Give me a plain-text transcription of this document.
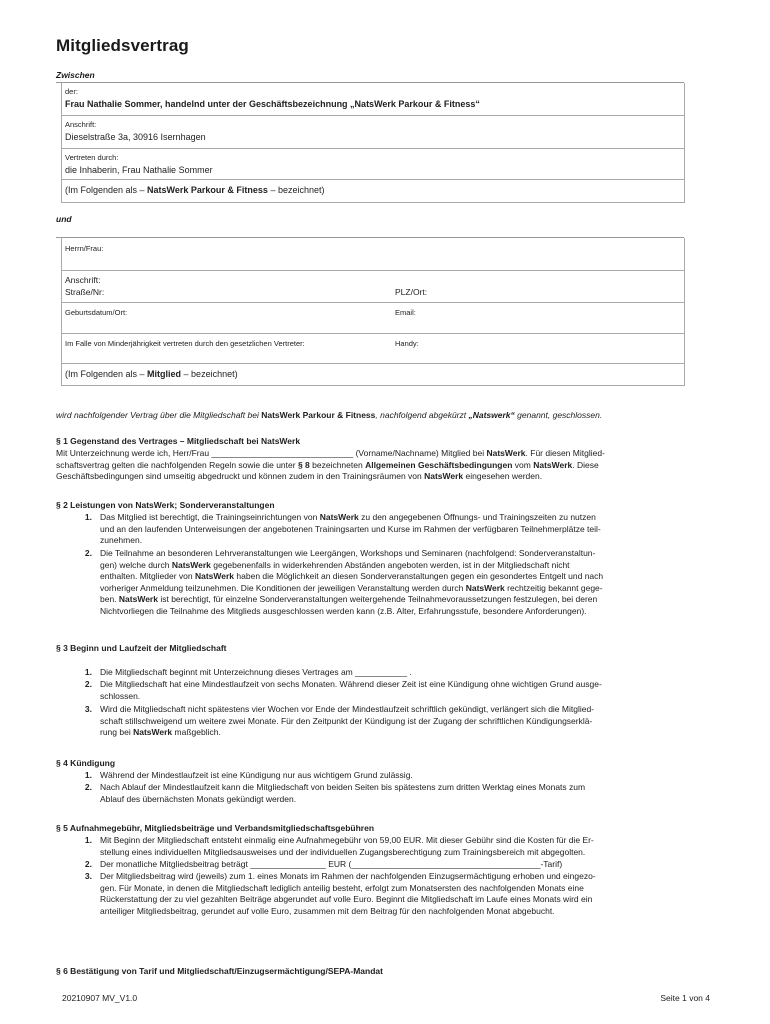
Mitgliedsvertrag
Zwischen
der:
Frau Nathalie Sommer, handelnd unter der Geschäftsbezeichnung „NatsWerk Parkour & Fitness“
Anschrift:
Dieselstraße 3a, 30916 Isernhagen
Vertreten durch:
die Inhaberin, Frau Nathalie Sommer
(Im Folgenden als – NatsWerk Parkour & Fitness – bezeichnet)
und
Herrn/Frau:
Anschrift:
Straße/Nr:	PLZ/Ort:
Geburtsdatum/Ort:	Email:
Im Falle von Minderjährigkeit vertreten durch den gesetzlichen Vertreter:	Handy:
(Im Folgenden als – Mitglied – bezeichnet)
wird nachfolgender Vertrag über die Mitgliedschaft bei NatsWerk Parkour & Fitness, nachfolgend abgekürzt „Natswerk“ genannt, geschlossen.
§ 1 Gegenstand des Vertrages – Mitgliedschaft bei NatsWerk
Mit Unterzeichnung werde ich, Herr/Frau ______________________________ (Vorname/Nachname) Mitglied bei NatsWerk. Für diesen Mitglied-
schaftsvertrag gelten die nachfolgenden Regeln sowie die unter § 8 bezeichneten Allgemeinen Geschäftsbedingungen vom NatsWerk. Diese
Geschäftsbedingungen sind umseitig abgedruckt und können zudem in den Trainingsräumen von NatsWerk eingesehen werden.
§ 2 Leistungen von NatsWerk; Sonderveranstaltungen
1. Das Mitglied ist berechtigt, die Trainingseinrichtungen von NatsWerk zu den angegebenen Öffnungs- und Trainingszeiten zu nutzen
und an den laufenden Unterweisungen der angebotenen Trainingsarten und Kurse im Rahmen der verfügbaren Teilnehmerplätze teil-
zunehmen.
2. Die Teilnahme an besonderen Lehrveranstaltungen wie Leergängen, Workshops und Seminaren (nachfolgend: Sonderveranstaltun-
gen) welche durch NatsWerk gegebenenfalls in widerkehrenden Abständen angeboten werden, ist in der Mitgliedschaft nicht
enthalten. Mitglieder von NatsWerk haben die Möglichkeit an diesen Sonderveranstaltungen gegen ein gesondertes Entgelt und nach
vorheriger Anmeldung teilzunehmen. Die Konditionen der jeweiligen Veranstaltung werden durch NatsWerk rechtzeitig bekannt gege-
ben. NatsWerk ist berechtigt, für einzelne Sonderveranstaltungen weitergehende Teilnahmevoraussetzungen festzulegen, bei deren
Nichtvorliegen die Teilnahme des Mitglieds ausgeschlossen werden kann (z.B. Alter, Erfahrungsstufe, besondere Anforderungen).
§ 3 Beginn und Laufzeit der Mitgliedschaft
1. Die Mitgliedschaft beginnt mit Unterzeichnung dieses Vertrages am ___________ .
2. Die Mitgliedschaft hat eine Mindestlaufzeit von sechs Monaten. Während dieser Zeit ist eine Kündigung ohne wichtigen Grund ausge-
schlossen.
3. Wird die Mitgliedschaft nicht spätestens vier Wochen vor Ende der Mindestlaufzeit schriftlich gekündigt, verlängert sich die Mitglied-
schaft stillschweigend um weitere zwei Monate. Für den Zeitpunkt der Kündigung ist der Zugang der schriftlichen Kündigungserklä-
rung bei NatsWerk maßgeblich.
§ 4 Kündigung
1. Während der Mindestlaufzeit ist eine Kündigung nur aus wichtigem Grund zulässig.
2. Nach Ablauf der Mindestlaufzeit kann die Mitgliedschaft von beiden Seiten bis spätestens zum dritten Werktag eines Monats zum
Ablauf des übernächsten Monats gekündigt werden.
§ 5 Aufnahmegebühr, Mitgliedsbeiträge und Verbandsmitgliedschaftsgebühren
1. Mit Beginn der Mitgliedschaft entsteht einmalig eine Aufnahmegebühr von 59,00 EUR. Mit dieser Gebühr sind die Kosten für die Er-
stellung eines individuellen Mitgliedsausweises und der individuellen Zugangsberechtigung zum Trainingsbereich mit abgegolten.
2. Der monatliche Mitgliedsbeitrag beträgt ________________ EUR (________________________________________-Tarif)
3. Der Mitgliedsbeitrag wird (jeweils) zum 1. eines Monats im Rahmen der nachfolgenden Einzugsermächtigung erhoben und eingezo-
gen. Für Monate, in denen die Mitgliedschaft lediglich anteilig besteht, erfolgt zum Monatsersten des nachfolgenden Monats eine
Rückerstattung der zu viel gezahlten Beiträge abgerundet auf volle Euro. Beginnt die Mitgliedschaft im Laufe eines Monats wird ein
anteiliger Mitgliedsbeitrag, gerundet auf volle Euro, zusammen mit dem Beitrag für den nachfolgenden Monat abgebucht.
§ 6 Bestätigung von Tarif und Mitgliedschaft/Einzugsermächtigung/SEPA-Mandat
20210907 MV_V1.0	Seite 1 von 4
